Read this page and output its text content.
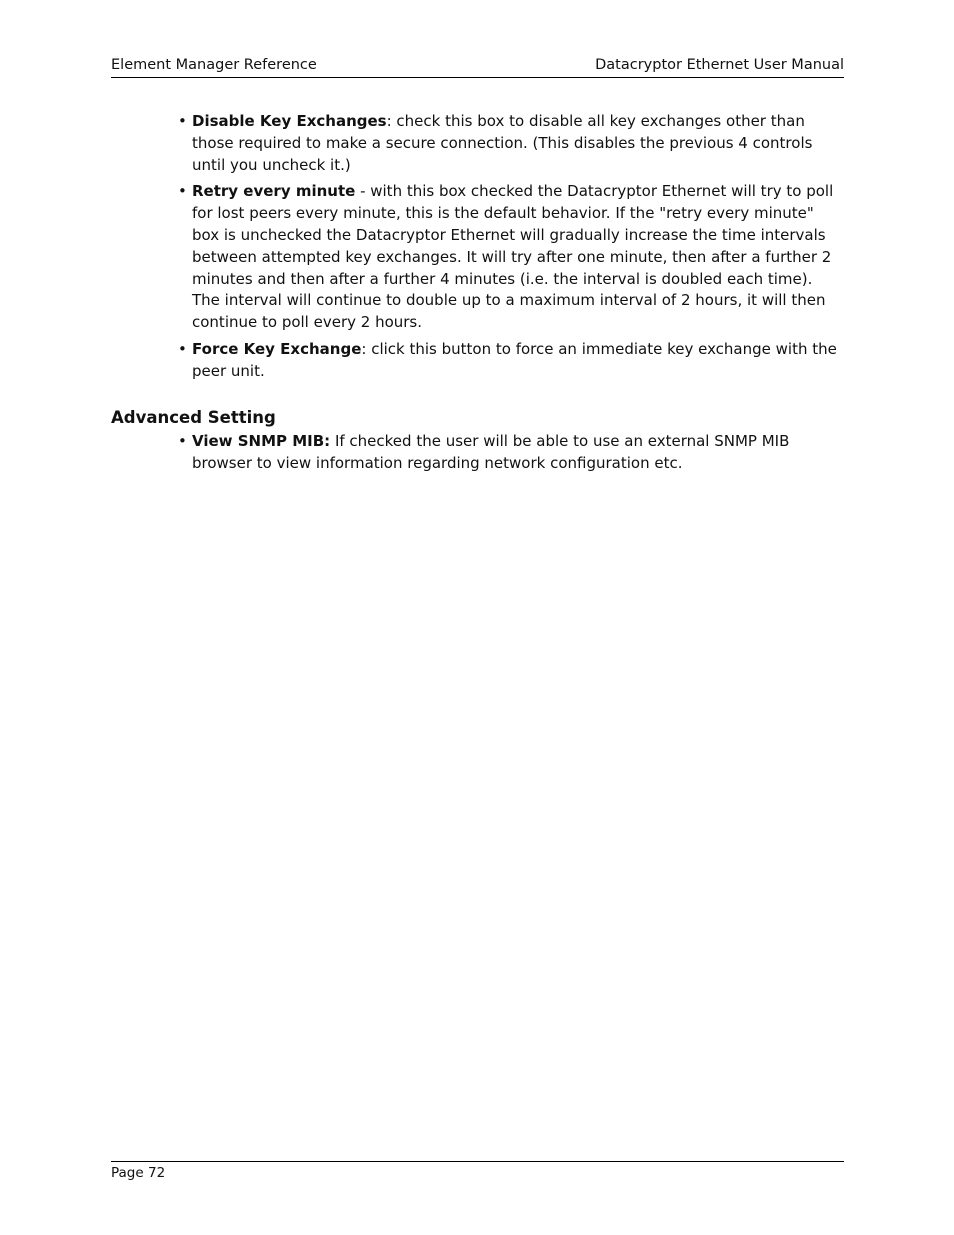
Element Manager Reference	Datacryptor Ethernet User Manual
• Disable Key Exchanges: check this box to disable all key exchanges other than those required to make a secure connection. (This disables the previous 4 controls until you uncheck it.)
• Retry every minute - with this box checked the Datacryptor Ethernet will try to poll for lost peers every minute, this is the default behavior. If the "retry every minute" box is unchecked the Datacryptor Ethernet will gradually increase the time intervals between attempted key exchanges. It will try after one minute, then after a further 2 minutes and then after a further 4 minutes (i.e. the interval is doubled each time). The interval will continue to double up to a maximum interval of 2 hours, it will then continue to poll every 2 hours.
• Force Key Exchange: click this button to force an immediate key exchange with the peer unit.
Advanced Setting
• View SNMP MIB: If checked the user will be able to use an external SNMP MIB browser to view information regarding network configuration etc.
Page 72
